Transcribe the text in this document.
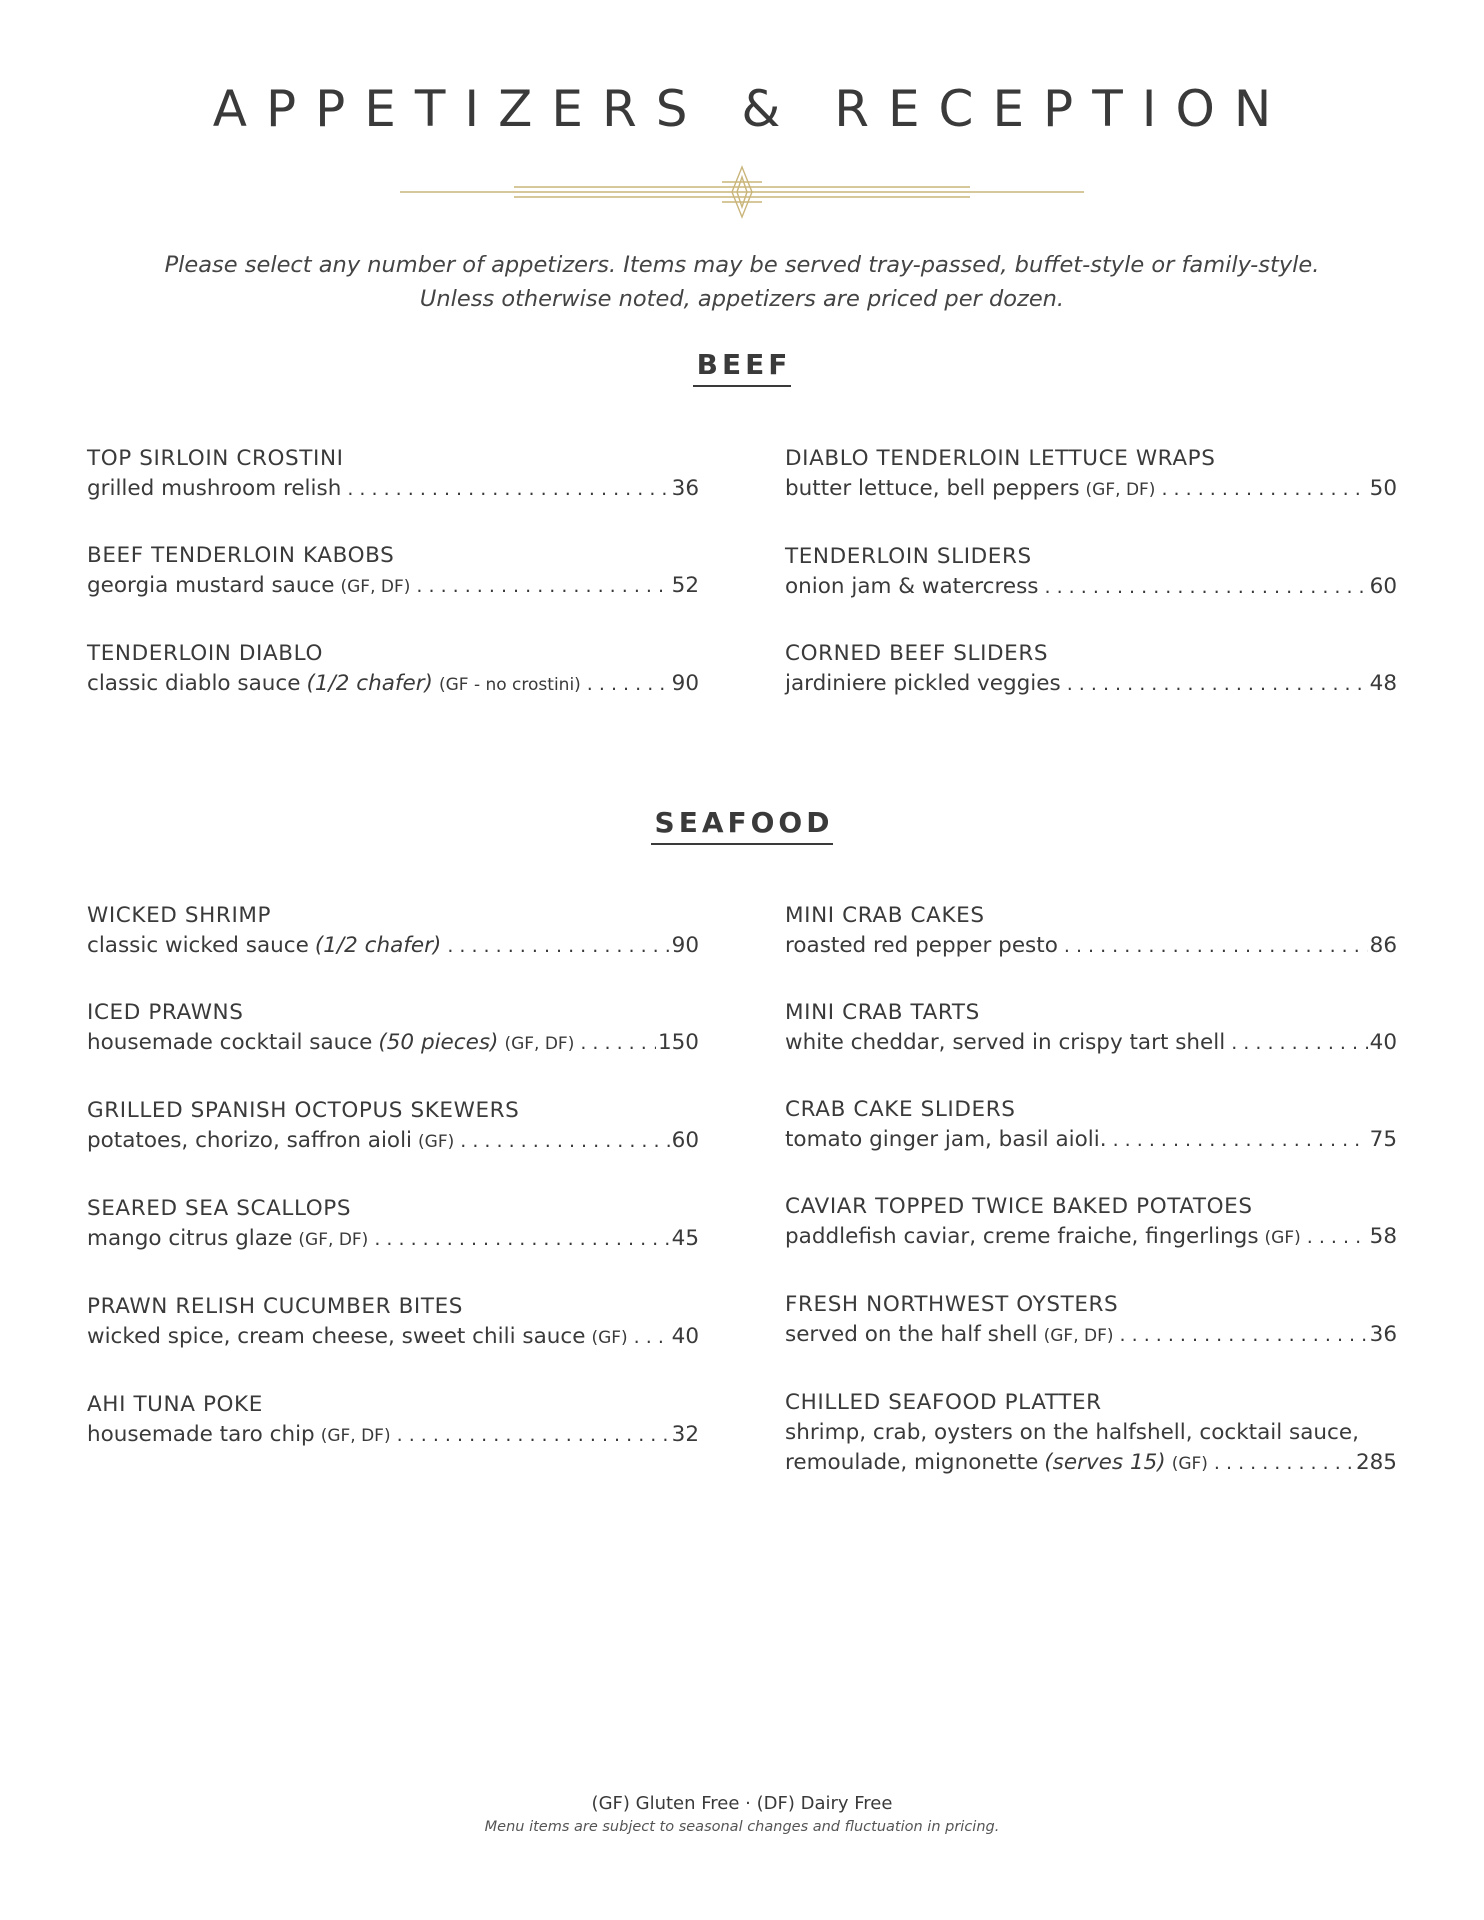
APPETIZERS & RECEPTION
Please select any number of appetizers. Items may be served tray-passed, buffet-style or family-style.
Unless otherwise noted, appetizers are priced per dozen.
BEEF
TOP SIRLOIN CROSTINI
grilled mushroom relish . . .	36
BEEF TENDERLOIN KABOBS
georgia mustard sauce (GF, DF) . . .	52
TENDERLOIN DIABLO
classic diablo sauce (1/2 chafer) (GF - no crostini) . . .	90
DIABLO TENDERLOIN LETTUCE WRAPS
butter lettuce, bell peppers (GF, DF) . . .	50
TENDERLOIN SLIDERS
onion jam & watercress . . .	60
CORNED BEEF SLIDERS
jardiniere pickled veggies . . .	48
SEAFOOD
WICKED SHRIMP
classic wicked sauce (1/2 chafer) . . .	90
ICED PRAWNS
housemade cocktail sauce (50 pieces) (GF, DF) . . .	150
GRILLED SPANISH OCTOPUS SKEWERS
potatoes, chorizo, saffron aioli (GF) . . .	60
SEARED SEA SCALLOPS
mango citrus glaze (GF, DF) . . .	45
PRAWN RELISH CUCUMBER BITES
wicked spice, cream cheese, sweet chili sauce (GF) . . . 40
AHI TUNA POKE
housemade taro chip (GF, DF) . . .	32
MINI CRAB CAKES
roasted red pepper pesto . . .	86
MINI CRAB TARTS
white cheddar, served in crispy tart shell . . .	40
CRAB CAKE SLIDERS
tomato ginger jam, basil aioli. . . .	75
CAVIAR TOPPED TWICE BAKED POTATOES
paddlefish caviar, creme fraiche, fingerlings (GF) . . .	58
FRESH NORTHWEST OYSTERS
served on the half shell (GF, DF) . . .	36
CHILLED SEAFOOD PLATTER
shrimp, crab, oysters on the halfshell, cocktail sauce,
remoulade, mignonette (serves 15) (GF) . . .	285
(GF) Gluten Free · (DF) Dairy Free
Menu items are subject to seasonal changes and fluctuation in pricing.
